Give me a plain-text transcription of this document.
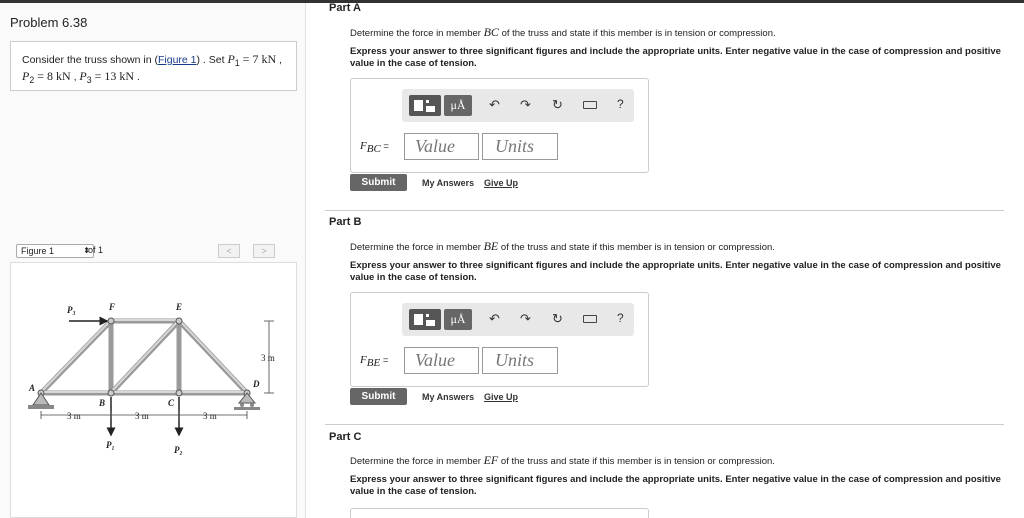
Problem 6.38
Consider the truss shown in (Figure 1) . Set $P_1 = 7$ kN ,
$P_2 = 8$ kN , $P_3 = 13$ kN .
Figure 1	⬍
of 1	<	>
P₃	F	E
A
B	C
D
P₁	P₂
3 m
3 m	3 m	3 m
Part A
Determine the force in member BC of the truss and state if this member is in tension or compression.
Express your answer to three significant figures and include the appropriate units. Enter negative value in the case of compression and positive value in the case of tension.
μÅ	↶ ↷ ↻	?
$F_{BC}$ =	Value	Units
Submit	My Answers Give Up
Part B
Determine the force in member BE of the truss and state if this member is in tension or compression.
Express your answer to three significant figures and include the appropriate units. Enter negative value in the case of compression and positive value in the case of tension.
μÅ	↶ ↷ ↻	?
$F_{BE}$ =	Value	Units
Submit	My Answers Give Up
Part C
Determine the force in member EF of the truss and state if this member is in tension or compression.
Express your answer to three significant figures and include the appropriate units. Enter negative value in the case of compression and positive value in the case of tension.
